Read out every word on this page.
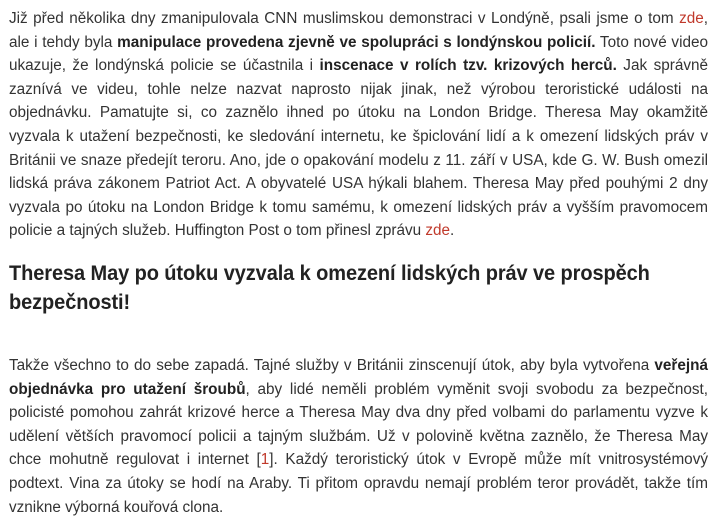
Již před několika dny zmanipulovala CNN muslimskou demonstraci v Londýně, psali jsme o tom zde, ale i tehdy byla manipulace provedena zjevně ve spolupráci s londýnskou policií. Toto nové video ukazuje, že londýnská policie se účastnila i inscenace v rolích tzv. krizových herců. Jak správně zaznívá ve videu, tohle nelze nazvat naprosto nijak jinak, než výrobou teroristické události na objednávku. Pamatujte si, co zaznělo ihned po útoku na London Bridge. Theresa May okamžitě vyzvala k utažení bezpečnosti, ke sledování internetu, ke špiclování lidí a k omezení lidských práv v Británii ve snaze předejít teroru. Ano, jde o opakování modelu z 11. září v USA, kde G. W. Bush omezil lidská práva zákonem Patriot Act. A obyvatelé USA hýkali blahem. Theresa May před pouhými 2 dny vyzvala po útoku na London Bridge k tomu samému, k omezení lidských práv a vyšším pravomocem policie a tajných služeb. Huffington Post o tom přinesl zprávu zde.

Theresa May po útoku vyzvala k omezení lidských práv ve prospěch bezpečnosti!

Takže všechno to do sebe zapadá. Tajné služby v Británii zinscenují útok, aby byla vytvořena veřejná objednávka pro utažení šroubů, aby lidé neměli problém vyměnit svoji svobodu za bezpečnost, policisté pomohou zahrát krizové herce a Theresa May dva dny před volbami do parlamentu vyzve k udělení větších pravomocí policii a tajným službám. Už v polovině května zaznělo, že Theresa May chce mohutně regulovat i internet [1]. Každý teroristický útok v Evropě může mít vnitrosystémový podtext. Vina za útoky se hodí na Araby. Ti přitom opravdu nemají problém teror provádět, takže tím vznikne výborná kouřová clona.
